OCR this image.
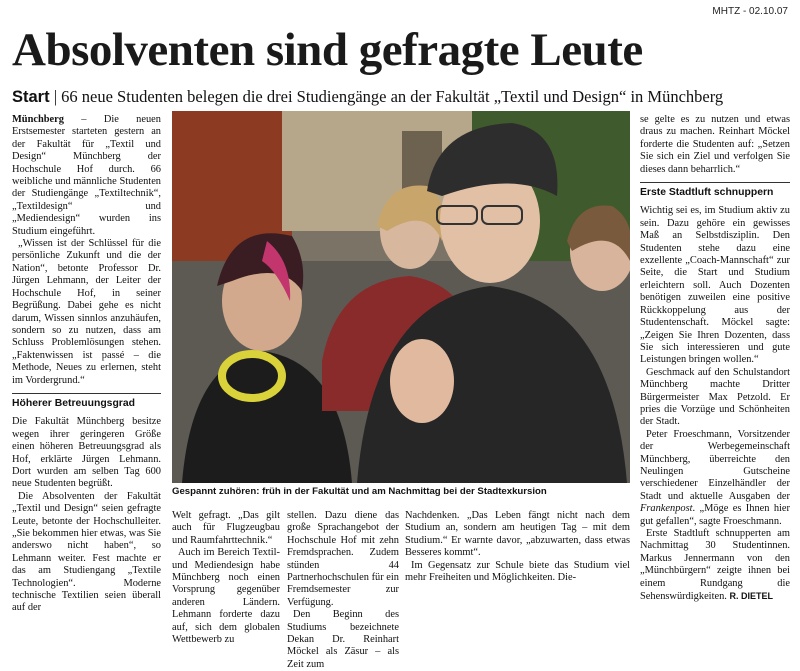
MHTZ - 02.10.07
Absolventen sind gefragte Leute
Start | 66 neue Studenten belegen die drei Studiengänge an der Fakultät „Textil und Design“ in Münchberg

Münchberg – Die neuen Erstsemester starteten gestern an der Fakultät für „Textil und Design“ Münchberg der Hochschule Hof durch. 66 weibliche und männliche Studenten der Studiengänge „Textiltechnik“, „Textildesign“ und „Mediendesign“ wurden ins Studium eingeführt.

„Wissen ist der Schlüssel für die persönliche Zukunft und die der Nation“, betonte Professor Dr. Jürgen Lehmann, der Leiter der Hochschule Hof, in seiner Begrüßung. Dabei gehe es nicht darum, Wissen sinnlos anzuhäufen, sondern so zu nutzen, dass am Schluss Problemlösungen stehen. „Faktenwissen ist passé – die Methode, Neues zu erlernen, steht im Vordergrund.“

Höherer Betreuungsgrad

Die Fakultät Münchberg besitze wegen ihrer geringeren Größe einen höheren Betreuungsgrad als Hof, erklärte Jürgen Lehmann. Dort wurden am selben Tag 600 neue Studenten begrüßt.

Die Absolventen der Fakultät „Textil und Design“ seien gefragte Leute, betonte der Hochschulleiter. „Sie bekommen hier etwas, was Sie anderswo nicht haben“, so Lehmann weiter. Fest machte er das am Studiengang „Textile Technologien“. Moderne technische Textilien seien überall auf der

Gespannt zuhören: früh in der Fakultät und am Nachmittag bei der Stadtexkursion

Welt gefragt. „Das gilt auch für Flugzeugbau und Raumfahrttechnik.“

Auch im Bereich Textil- und Mediendesign habe Münchberg noch einen Vorsprung gegenüber anderen Ländern. Lehmann forderte dazu auf, sich dem globalen Wettbewerb zu

stellen. Dazu diene das große Sprachangebot der Hochschule Hof mit zehn Fremdsprachen. Zudem stünden 44 Partnerhochschulen für ein Fremdsemester zur Verfügung.

Den Beginn des Studiums bezeichnete Dekan Dr. Reinhart Möckel als Zäsur – als Zeit zum

Nachdenken. „Das Leben fängt nicht nach dem Studium an, sondern am heutigen Tag – mit dem Studium.“ Er warnte davor, „abzuwarten, dass etwas Besseres kommt“.

Im Gegensatz zur Schule biete das Studium viel mehr Freiheiten und Möglichkeiten. Die-

se gelte es zu nutzen und etwas draus zu machen. Reinhart Möckel forderte die Studenten auf: „Setzen Sie sich ein Ziel und verfolgen Sie dieses dann beharrlich.“

Erste Stadtluft schnuppern

Wichtig sei es, im Studium aktiv zu sein. Dazu gehöre ein gewisses Maß an Selbstdisziplin. Den Studenten stehe dazu eine exzellente „Coach-Mannschaft“ zur Seite, die Start und Studium erleichtern soll. Auch Dozenten benötigen zuweilen eine positive Rückkoppelung aus der Studentenschaft. Möckel sagte: „Zeigen Sie Ihren Dozenten, dass Sie sich interessieren und gute Leistungen bringen wollen.“

Geschmack auf den Schulstandort Münchberg machte Dritter Bürgermeister Max Petzold. Er pries die Vorzüge und Schönheiten der Stadt.

Peter Froeschmann, Vorsitzender der Werbegemeinschaft Münchberg, überreichte den Neulingen Gutscheine verschiedener Einzelhändler der Stadt und aktuelle Ausgaben der Frankenpost. „Möge es Ihnen hier gut gefallen“, sagte Froeschmann.

Erste Stadtluft schnupperten am Nachmittag 30 Studentinnen. Markus Jennermann von den „Münchbürgern“ zeigte ihnen bei einem Rundgang die Sehenswürdigkeiten. R. DIETEL
